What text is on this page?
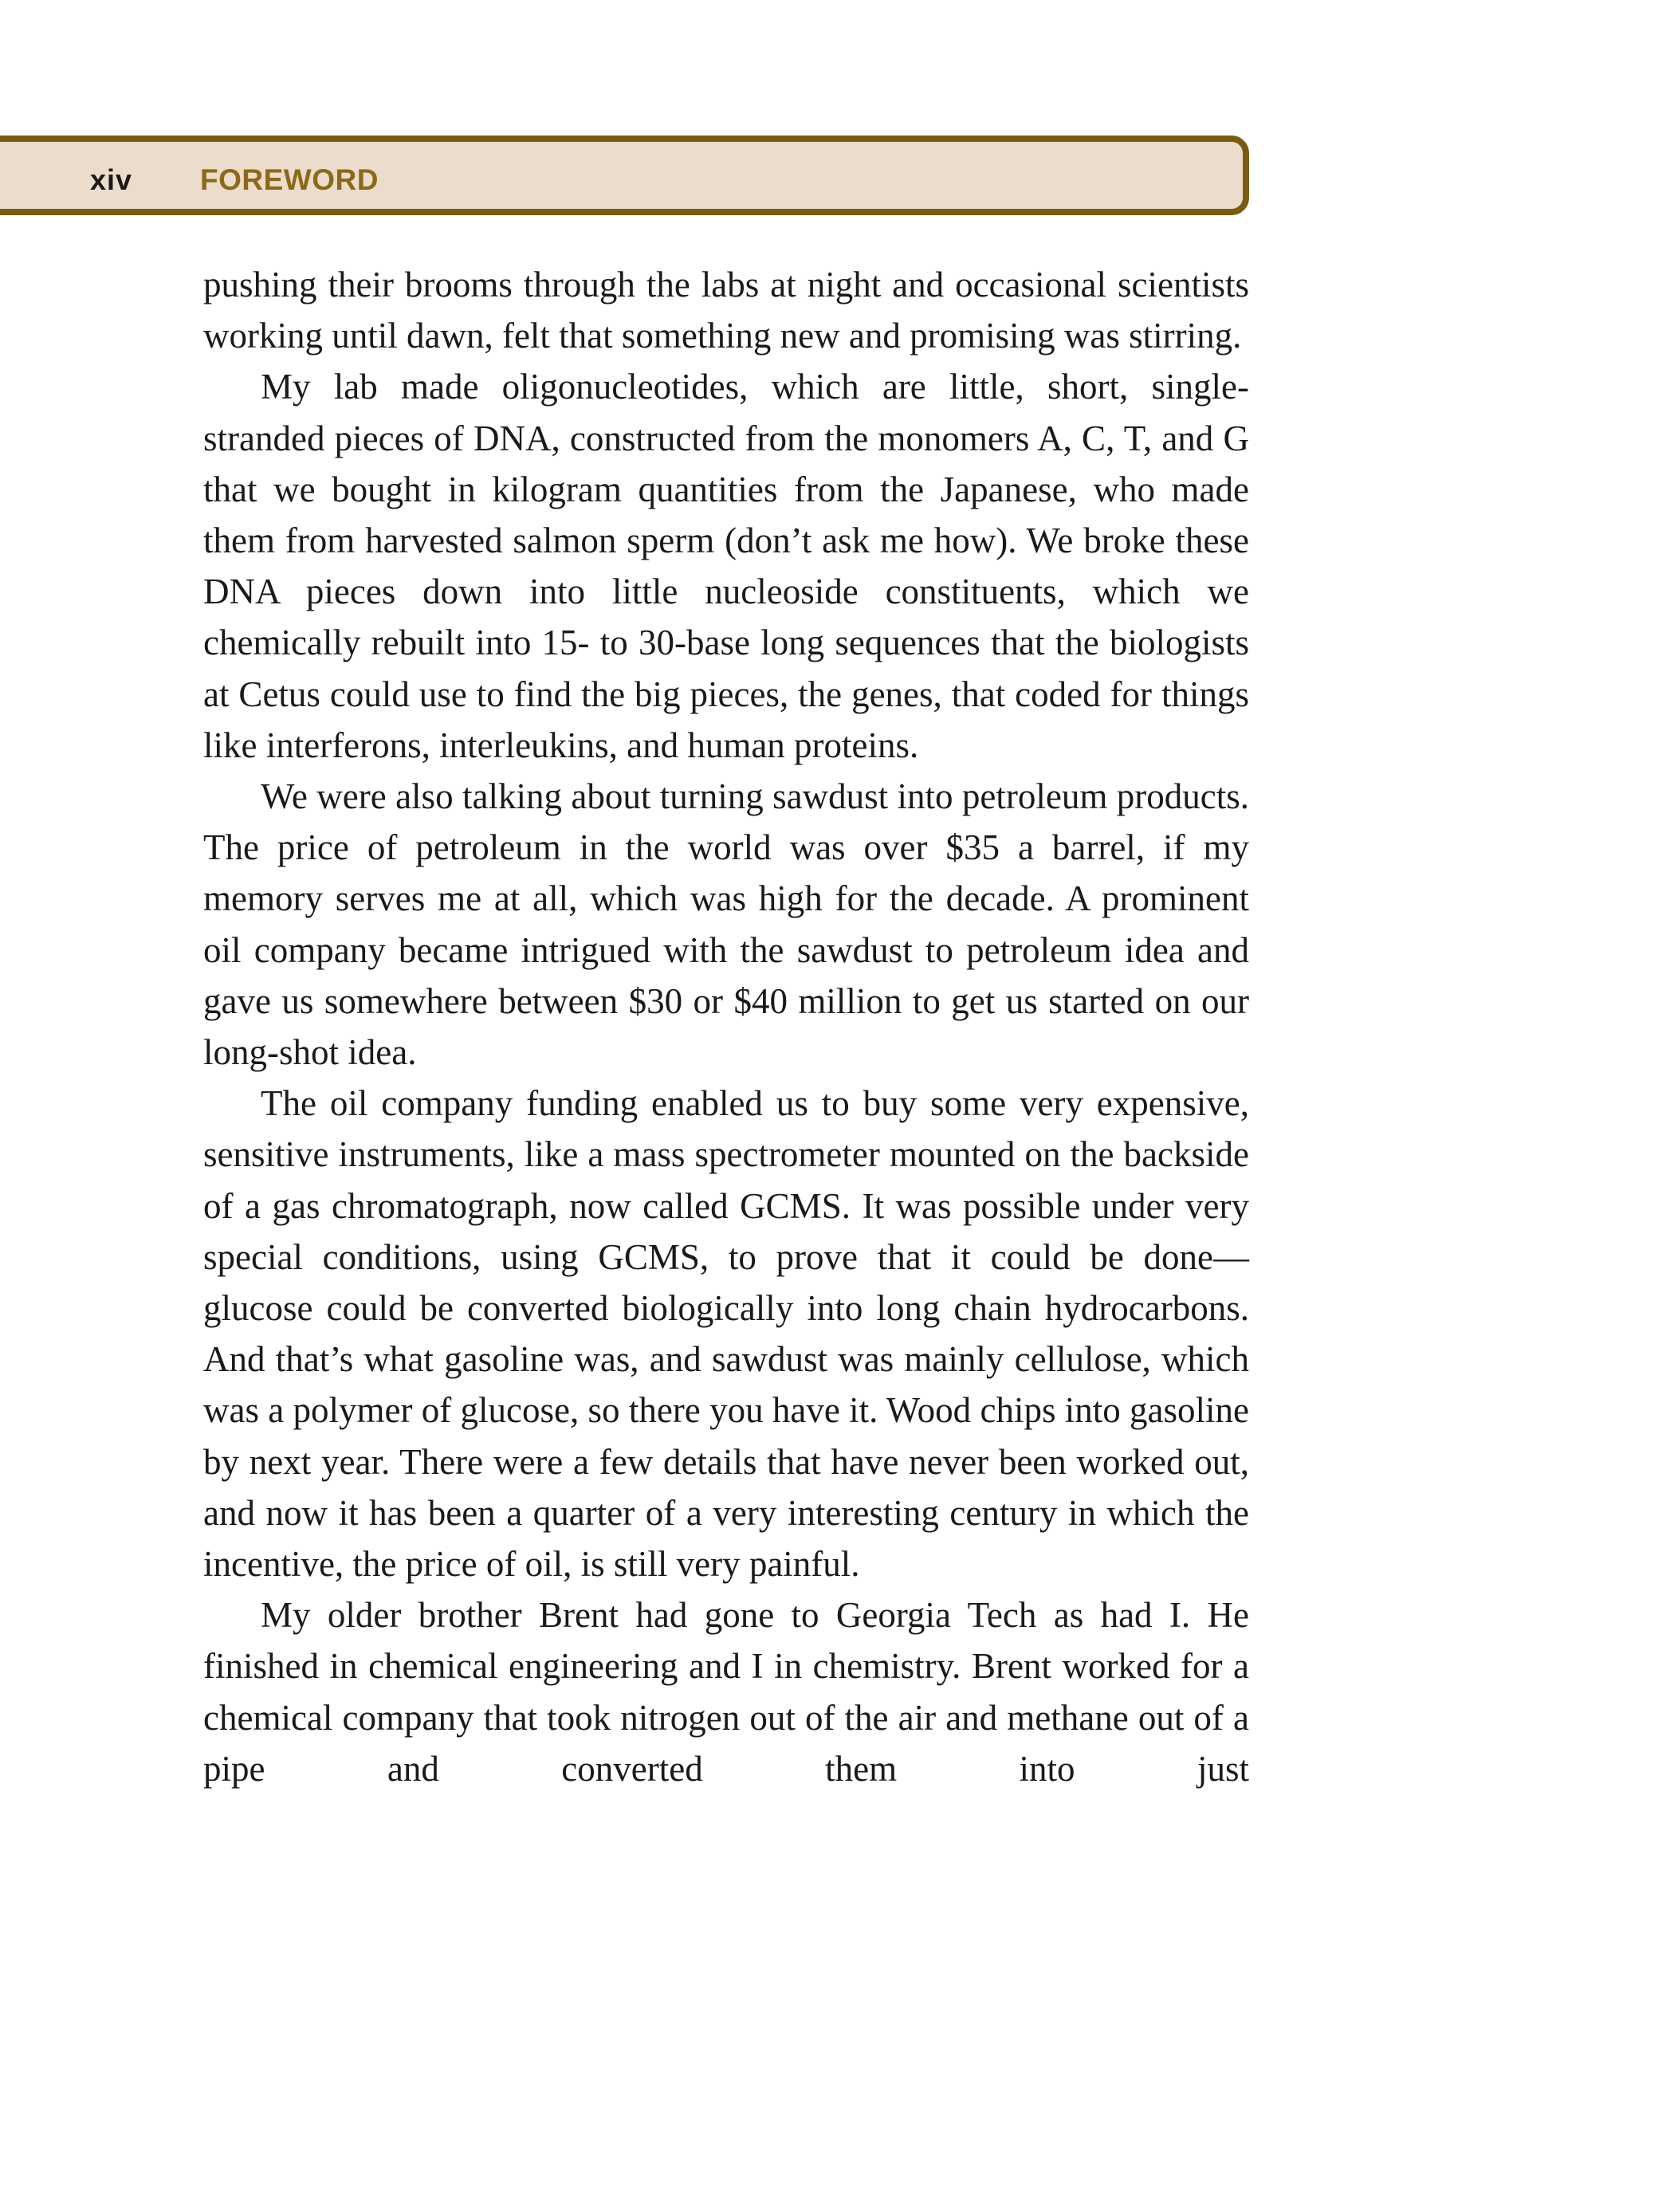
xiv FOREWORD

pushing their brooms through the labs at night and occasional scientists working until dawn, felt that something new and promising was stirring.

My lab made oligonucleotides, which are little, short, single-stranded pieces of DNA, constructed from the monomers A, C, T, and G that we bought in kilogram quantities from the Japanese, who made them from harvested salmon sperm (don’t ask me how). We broke these DNA pieces down into little nucleoside constituents, which we chemically rebuilt into 15- to 30-base long sequences that the biologists at Cetus could use to find the big pieces, the genes, that coded for things like interferons, interleukins, and human proteins.

We were also talking about turning sawdust into petroleum products. The price of petroleum in the world was over $35 a barrel, if my memory serves me at all, which was high for the decade. A prominent oil company became intrigued with the sawdust to petroleum idea and gave us somewhere between $30 or $40 million to get us started on our long-shot idea.

The oil company funding enabled us to buy some very expensive, sensitive instruments, like a mass spectrometer mounted on the backside of a gas chromatograph, now called GCMS. It was possible under very special conditions, using GCMS, to prove that it could be done—glucose could be converted biologically into long chain hydrocarbons. And that’s what gasoline was, and sawdust was mainly cellulose, which was a polymer of glucose, so there you have it. Wood chips into gasoline by next year. There were a few details that have never been worked out, and now it has been a quarter of a very interesting century in which the incentive, the price of oil, is still very painful.

My older brother Brent had gone to Georgia Tech as had I. He finished in chemical engineering and I in chemistry. Brent worked for a chemical company that took nitrogen out of the air and methane out of a pipe and converted them into just
